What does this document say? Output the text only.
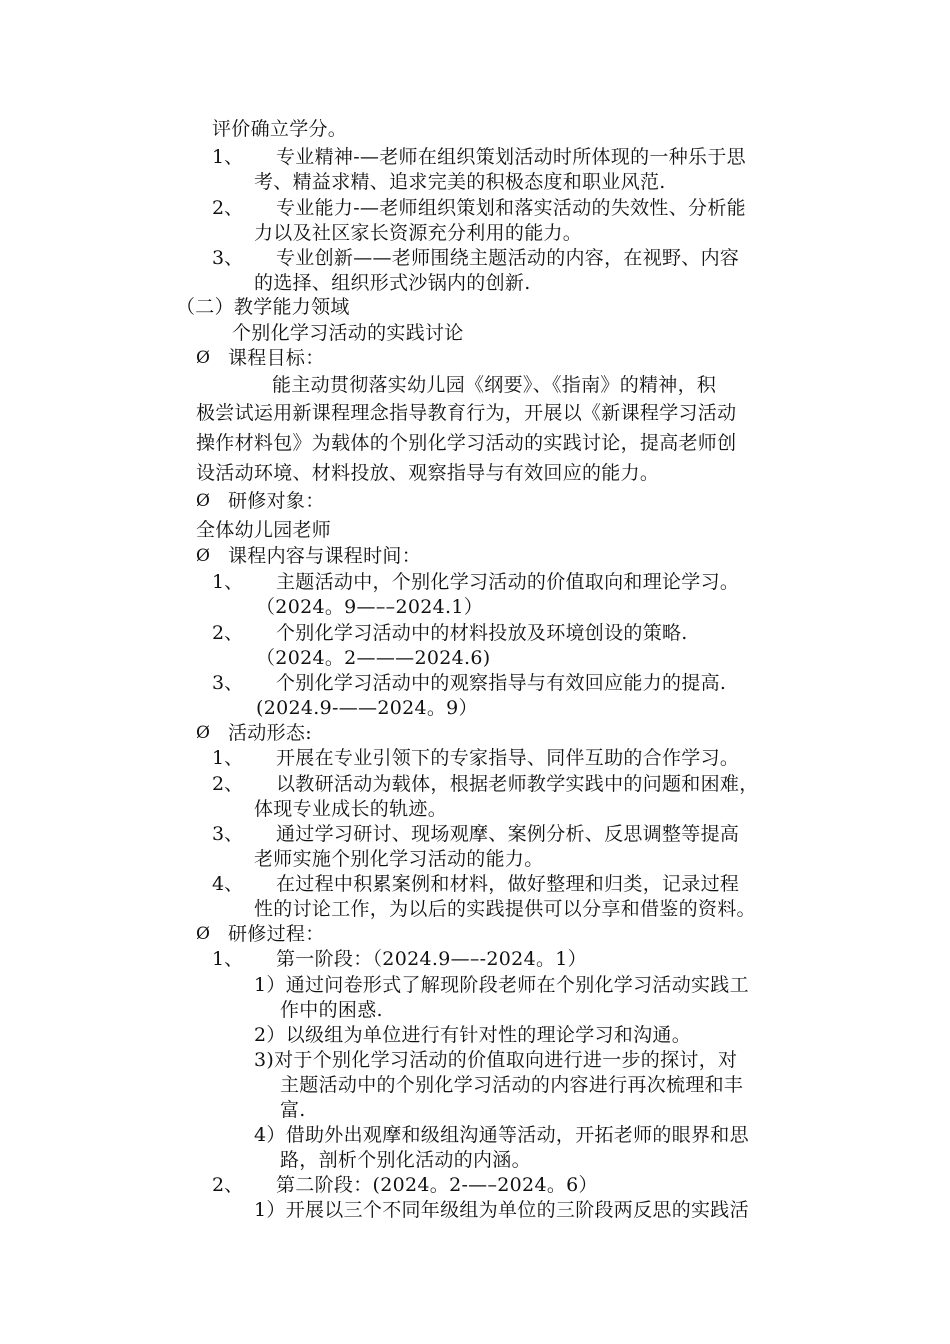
评价确立学分。
1、 专业精神-—老师在组织策划活动时所体现的一种乐于思
考、精益求精、追求完美的积极态度和职业风范.
2、 专业能力-—老师组织策划和落实活动的失效性、分析能
力以及社区家长资源充分利用的能力。
3、 专业创新——老师围绕主题活动的内容，在视野、内容
的选择、组织形式沙锅内的创新.
（二）教学能力领域
个别化学习活动的实践讨论
Ø 课程目标：
能主动贯彻落实幼儿园《纲要》、《指南》的精神，积
极尝试运用新课程理念指导教育行为，开展以《新课程学习活动
操作材料包》为载体的个别化学习活动的实践讨论，提高老师创
设活动环境、材料投放、观察指导与有效回应的能力。
Ø 研修对象：
全体幼儿园老师
Ø 课程内容与课程时间：
1、 主题活动中，个别化学习活动的价值取向和理论学习。
（2024。9—––2024.1）
2、 个别化学习活动中的材料投放及环境创设的策略.
（2024。2———2024.6)
3、 个别化学习活动中的观察指导与有效回应能力的提高.
(2024.9-——2024。9）
Ø 活动形态:
1、 开展在专业引领下的专家指导、同伴互助的合作学习。
2、 以教研活动为载体，根据老师教学实践中的问题和困难，
体现专业成长的轨迹。
3、 通过学习研讨、现场观摩、案例分析、反思调整等提高
老师实施个别化学习活动的能力。
4、 在过程中积累案例和材料，做好整理和归类，记录过程
性的讨论工作，为以后的实践提供可以分享和借鉴的资料。
Ø 研修过程：
1、 第一阶段：（2024.9—–-2024。1）
1）通过问卷形式了解现阶段老师在个别化学习活动实践工
作中的困惑.
2）以级组为单位进行有针对性的理论学习和沟通。
3)对于个别化学习活动的价值取向进行进一步的探讨，对
主题活动中的个别化学习活动的内容进行再次梳理和丰
富.
4）借助外出观摩和级组沟通等活动，开拓老师的眼界和思
路，剖析个别化活动的内涵。
2、 第二阶段：(2024。2-—–2024。6）
1）开展以三个不同年级组为单位的三阶段两反思的实践活
